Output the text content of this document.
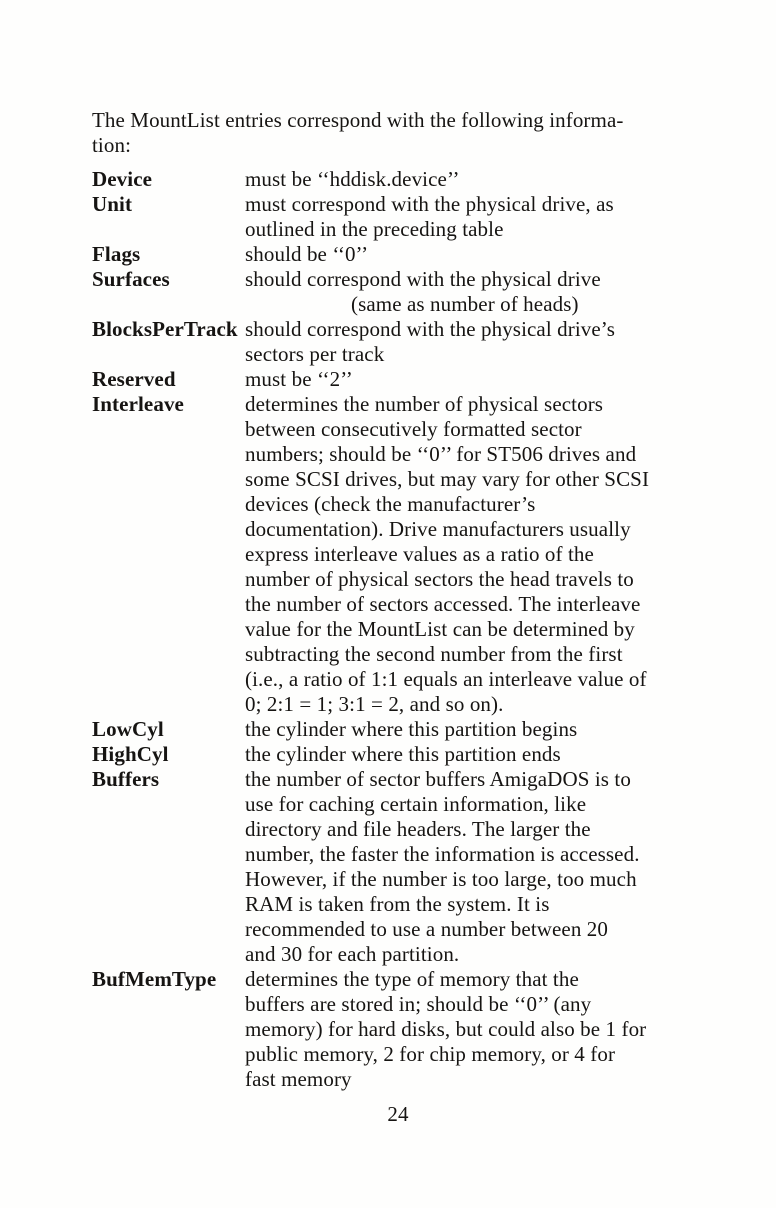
The MountList entries correspond with the following informa-
tion:

Device	must be ‘‘hddisk.device’’
Unit	must correspond with the physical drive, as
outlined in the preceding table
Flags	should be ‘‘0’’
Surfaces	should correspond with the physical drive
(same as number of heads)
BlocksPerTrack should correspond with the physical drive’s
sectors per track
Reserved	must be ‘‘2’’
Interleave	determines the number of physical sectors
between consecutively formatted sector
numbers; should be ‘‘0’’ for ST506 drives and
some SCSI drives, but may vary for other SCSI
devices (check the manufacturer’s
documentation). Drive manufacturers usually
express interleave values as a ratio of the
number of physical sectors the head travels to
the number of sectors accessed. The interleave
value for the MountList can be determined by
subtracting the second number from the first
(i.e., a ratio of 1:1 equals an interleave value of
0; 2:1 = 1; 3:1 = 2, and so on).
LowCyl	the cylinder where this partition begins
HighCyl	the cylinder where this partition ends
Buffers	the number of sector buffers AmigaDOS is to
use for caching certain information, like
directory and file headers. The larger the
number, the faster the information is accessed.
However, if the number is too large, too much
RAM is taken from the system. It is
recommended to use a number between 20
and 30 for each partition.
BufMemType	determines the type of memory that the
buffers are stored in; should be ‘‘0’’ (any
memory) for hard disks, but could also be 1 for
public memory, 2 for chip memory, or 4 for
fast memory
24
